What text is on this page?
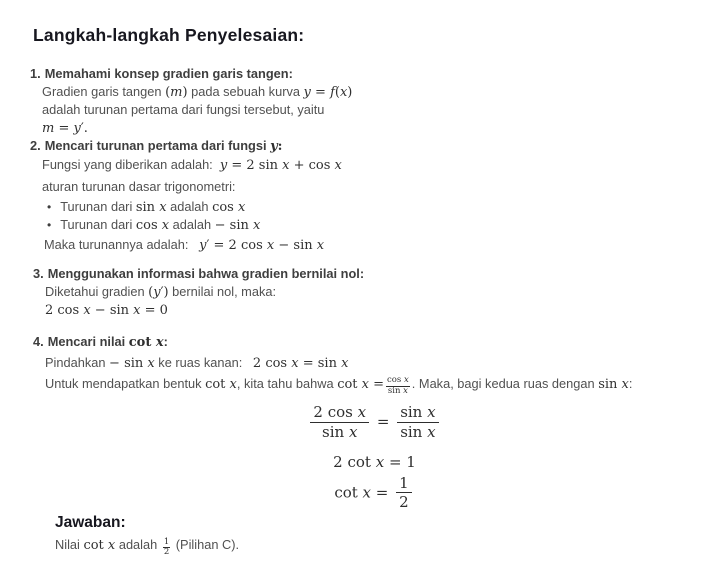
Langkah-langkah Penyelesaian:
1. Memahami konsep gradien garis tangen:
Gradien garis tangen (m) pada sebuah kurva y = f(x)
adalah turunan pertama dari fungsi tersebut, yaitu
m = y′.
2. Mencari turunan pertama dari fungsi y:
Fungsi yang diberikan adalah:  y = 2 sin x + cos x
aturan turunan dasar trigonometri:
• Turunan dari sin x adalah cos x
• Turunan dari cos x adalah − sin x
Maka turunannya adalah:   y′ = 2 cos x − sin x
3. Menggunakan informasi bahwa gradien bernilai nol:
Diketahui gradien (y′) bernilai nol, maka:
2 cos x − sin x = 0
4. Mencari nilai cot x:
Pindahkan − sin x ke ruas kanan:   2 cos x = sin x
Untuk mendapatkan bentuk cot x, kita tahu bahwa $\cot x = \frac{\text{cos x}}{\text{sin x}}$ . Maka, bagi kedua ruas dengan sin x:
$\frac{\text{2 cos x}}{\text{sin x}} = \frac{\text{sin x}}{\text{sin x}}$
2 cot x = 1
$\cot x = \frac{1}{2}$
Jawaban:
Nilai cot x adalah $\frac{1}{2}$ (Pilihan C).
